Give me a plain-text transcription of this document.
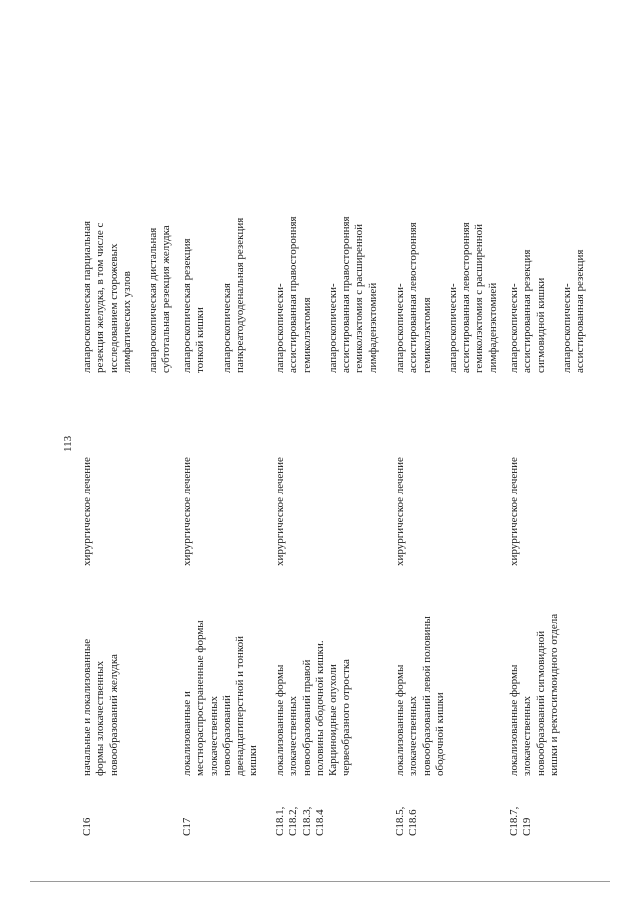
113
C16
начальные и локализованные формы злокачественных новообразований желудка
хирургическое лечение
лапароскопическая парциальная резекция желудка, в том числе с исследованием сторожевых лимфатических узлов лапароскопическая дистальная субтотальная резекция желудка
C17
локализованные и местнораспространенные формы злокачественных новообразований двенадцатиперстной и тонкой кишки
хирургическое лечение
лапароскопическая резекция тонкой кишки лапароскопическая панкреатодуоденальная резекция
C18.1, C18.2, C18.3, C18.4
локализованные формы злокачественных новообразований правой половины ободочной кишки. Карциноидные опухоли червеобразного отростка
хирургическое лечение
лапароскопически- ассистированная правосторонняя гемиколэктомия лапароскопически- ассистированная правосторонняя гемиколэктомия с расширенной лимфаденэктомией
C18.5, C18.6
локализованные формы злокачественных новообразований левой половины ободочной кишки
хирургическое лечение
лапароскопически- ассистированная левосторонняя гемиколэктомия лапароскопически- ассистированная левосторонняя гемиколэктомия с расширенной лимфаденэктомией
C18.7, C19
локализованные формы злокачественных новообразований сигмовидной кишки и ректосигмоидного отдела
хирургическое лечение
лапароскопически- ассистированная резекция сигмовидной кишки лапароскопически- ассистированная резекция
